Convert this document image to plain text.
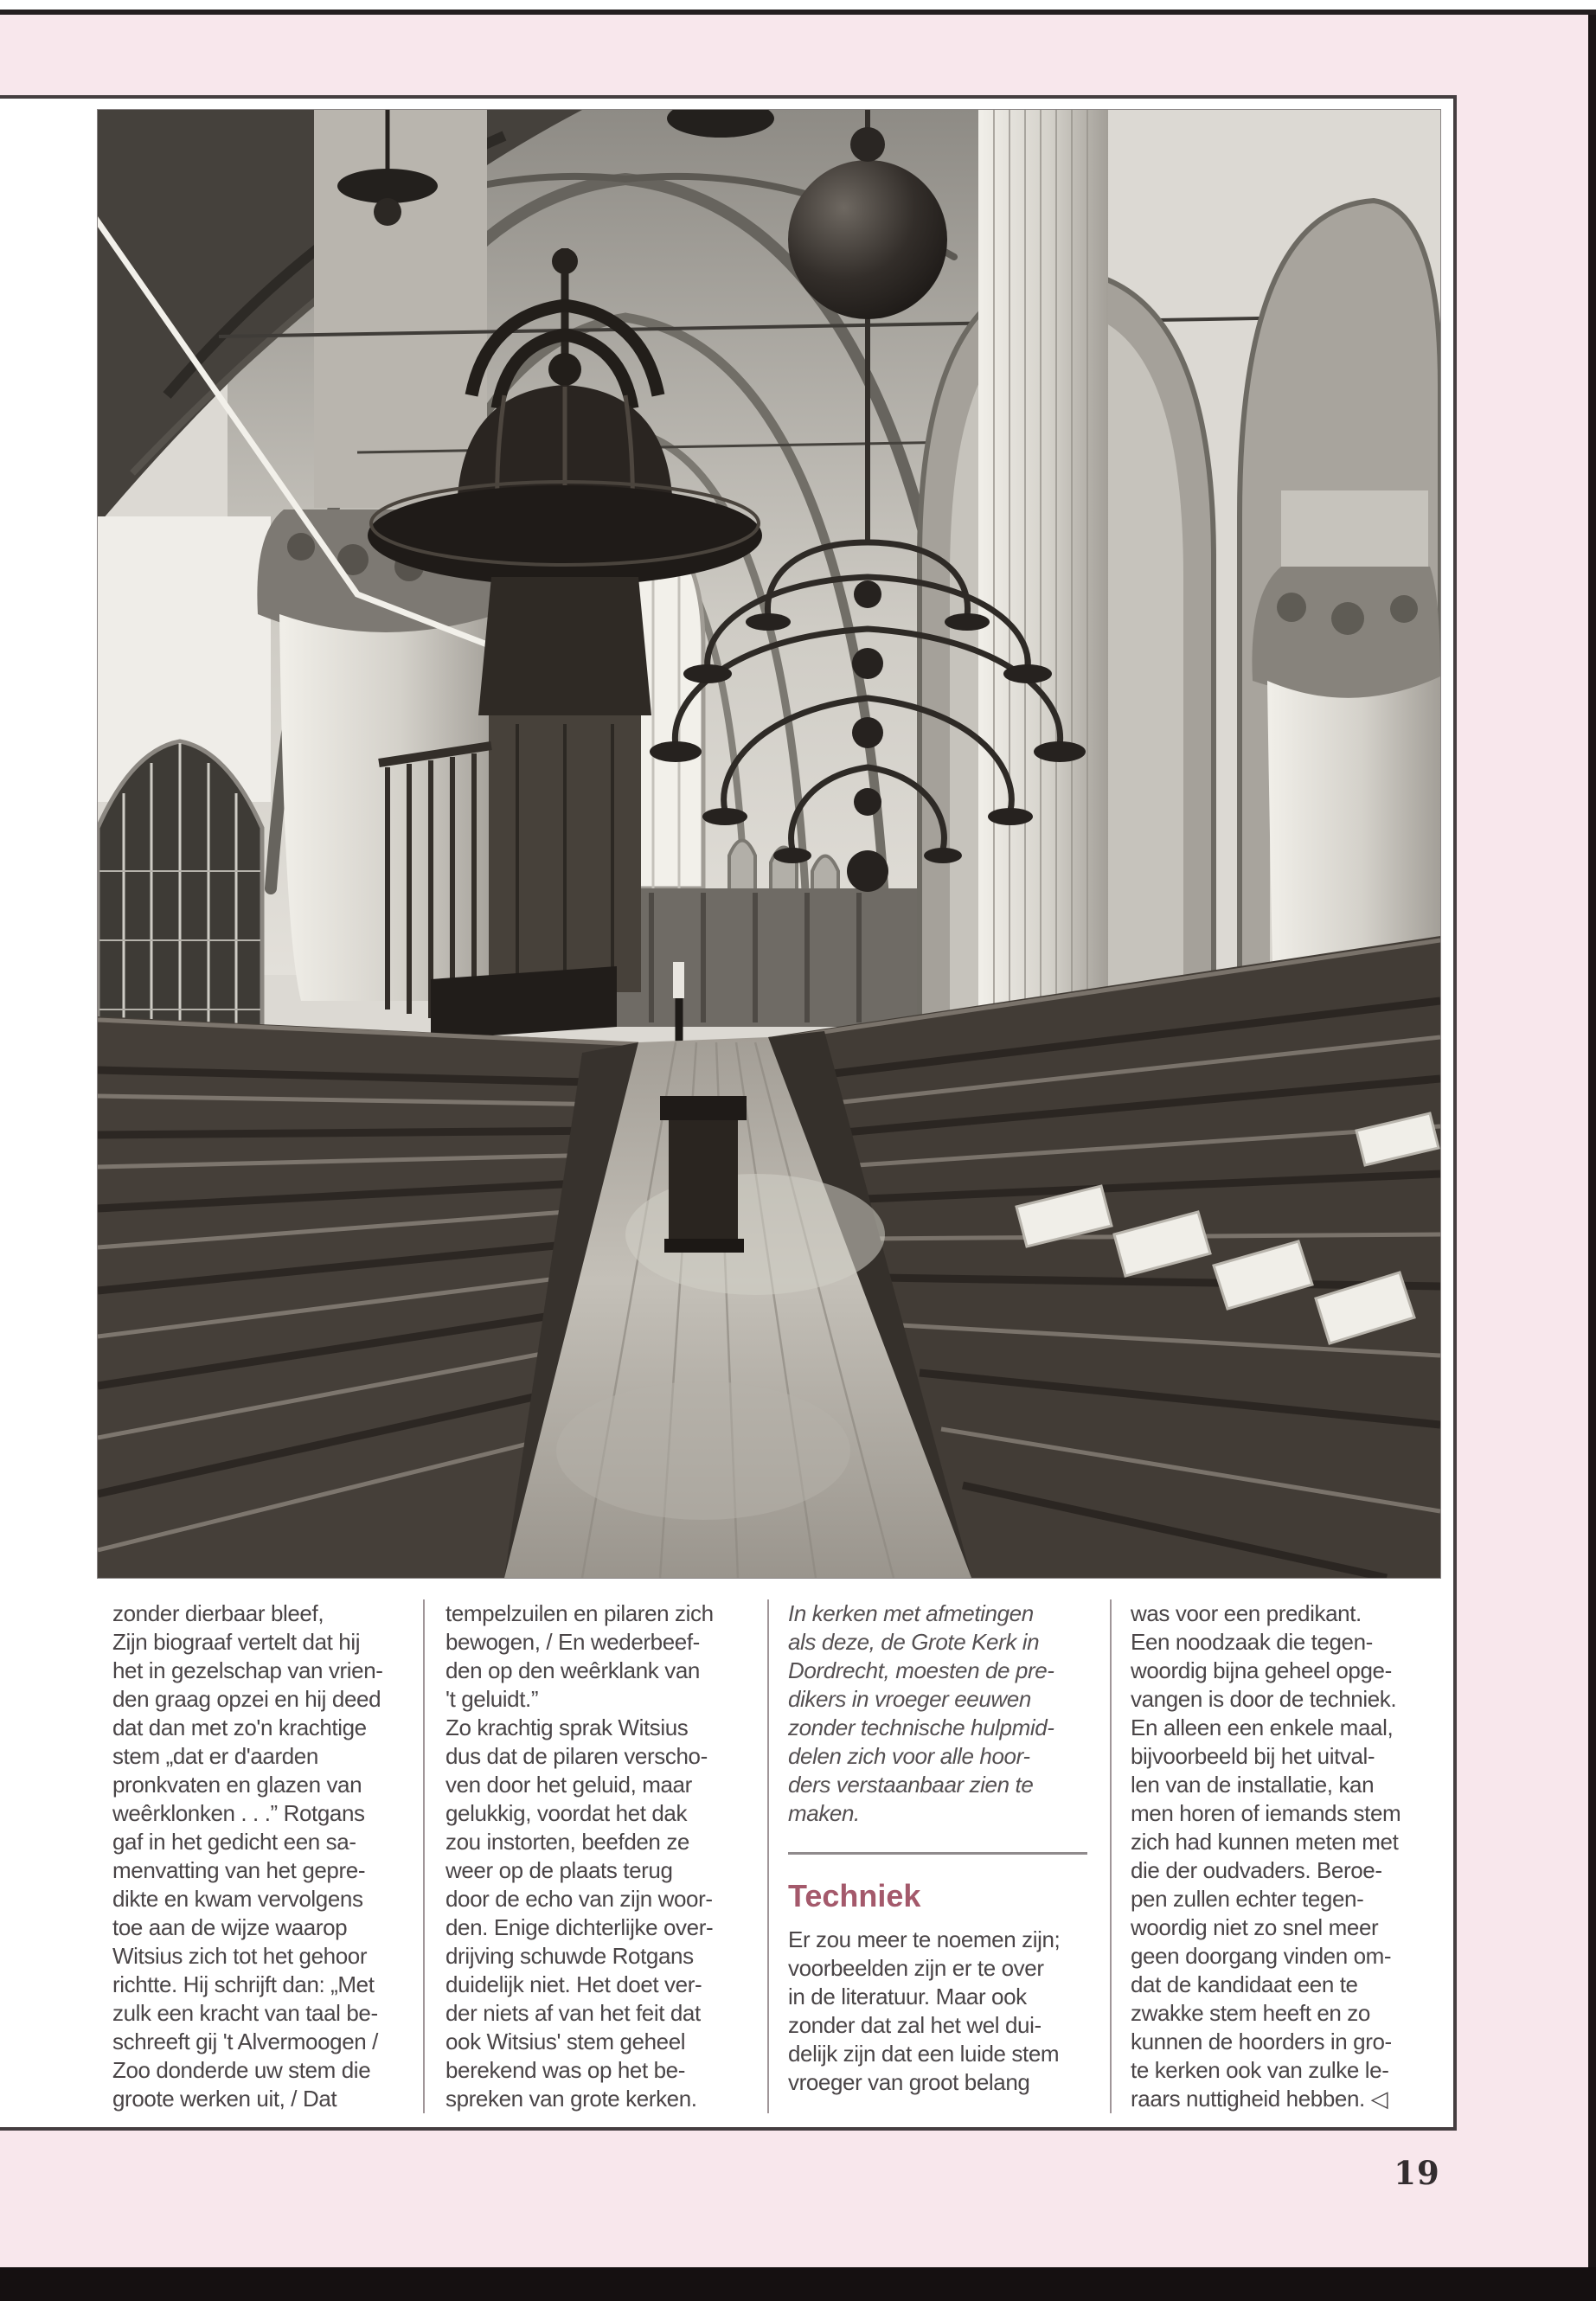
zonder dierbaar bleef,
Zijn biograaf vertelt dat hij
het in gezelschap van vrien-
den graag opzei en hij deed
dat dan met zo'n krachtige
stem „dat er d'aarden
pronkvaten en glazen van
weêrklonken . . .” Rotgans
gaf in het gedicht een sa-
menvatting van het gepre-
dikte en kwam vervolgens
toe aan de wijze waarop
Witsius zich tot het gehoor
richtte. Hij schrijft dan: „Met
zulk een kracht van taal be-
schreeft gij 't Alvermoogen /
Zoo donderde uw stem die
groote werken uit, / Dat
tempelzuilen en pilaren zich
bewogen, / En wederbeef-
den op den weêrklank van
't geluidt.”
Zo krachtig sprak Witsius
dus dat de pilaren verscho-
ven door het geluid, maar
gelukkig, voordat het dak
zou instorten, beefden ze
weer op de plaats terug
door de echo van zijn woor-
den. Enige dichterlijke over-
drijving schuwde Rotgans
duidelijk niet. Het doet ver-
der niets af van het feit dat
ook Witsius' stem geheel
berekend was op het be-
spreken van grote kerken.
In kerken met afmetingen
als deze, de Grote Kerk in
Dordrecht, moesten de pre-
dikers in vroeger eeuwen
zonder technische hulpmid-
delen zich voor alle hoor-
ders verstaanbaar zien te
maken.
Techniek
Er zou meer te noemen zijn;
voorbeelden zijn er te over
in de literatuur. Maar ook
zonder dat zal het wel dui-
delijk zijn dat een luide stem
vroeger van groot belang
was voor een predikant.
Een noodzaak die tegen-
woordig bijna geheel opge-
vangen is door de techniek.
En alleen een enkele maal,
bijvoorbeeld bij het uitval-
len van de installatie, kan
men horen of iemands stem
zich had kunnen meten met
die der oudvaders. Beroe-
pen zullen echter tegen-
woordig niet zo snel meer
geen doorgang vinden om-
dat de kandidaat een te
zwakke stem heeft en zo
kunnen de hoorders in gro-
te kerken ook van zulke le-
raars nuttigheid hebben. ◁
19
